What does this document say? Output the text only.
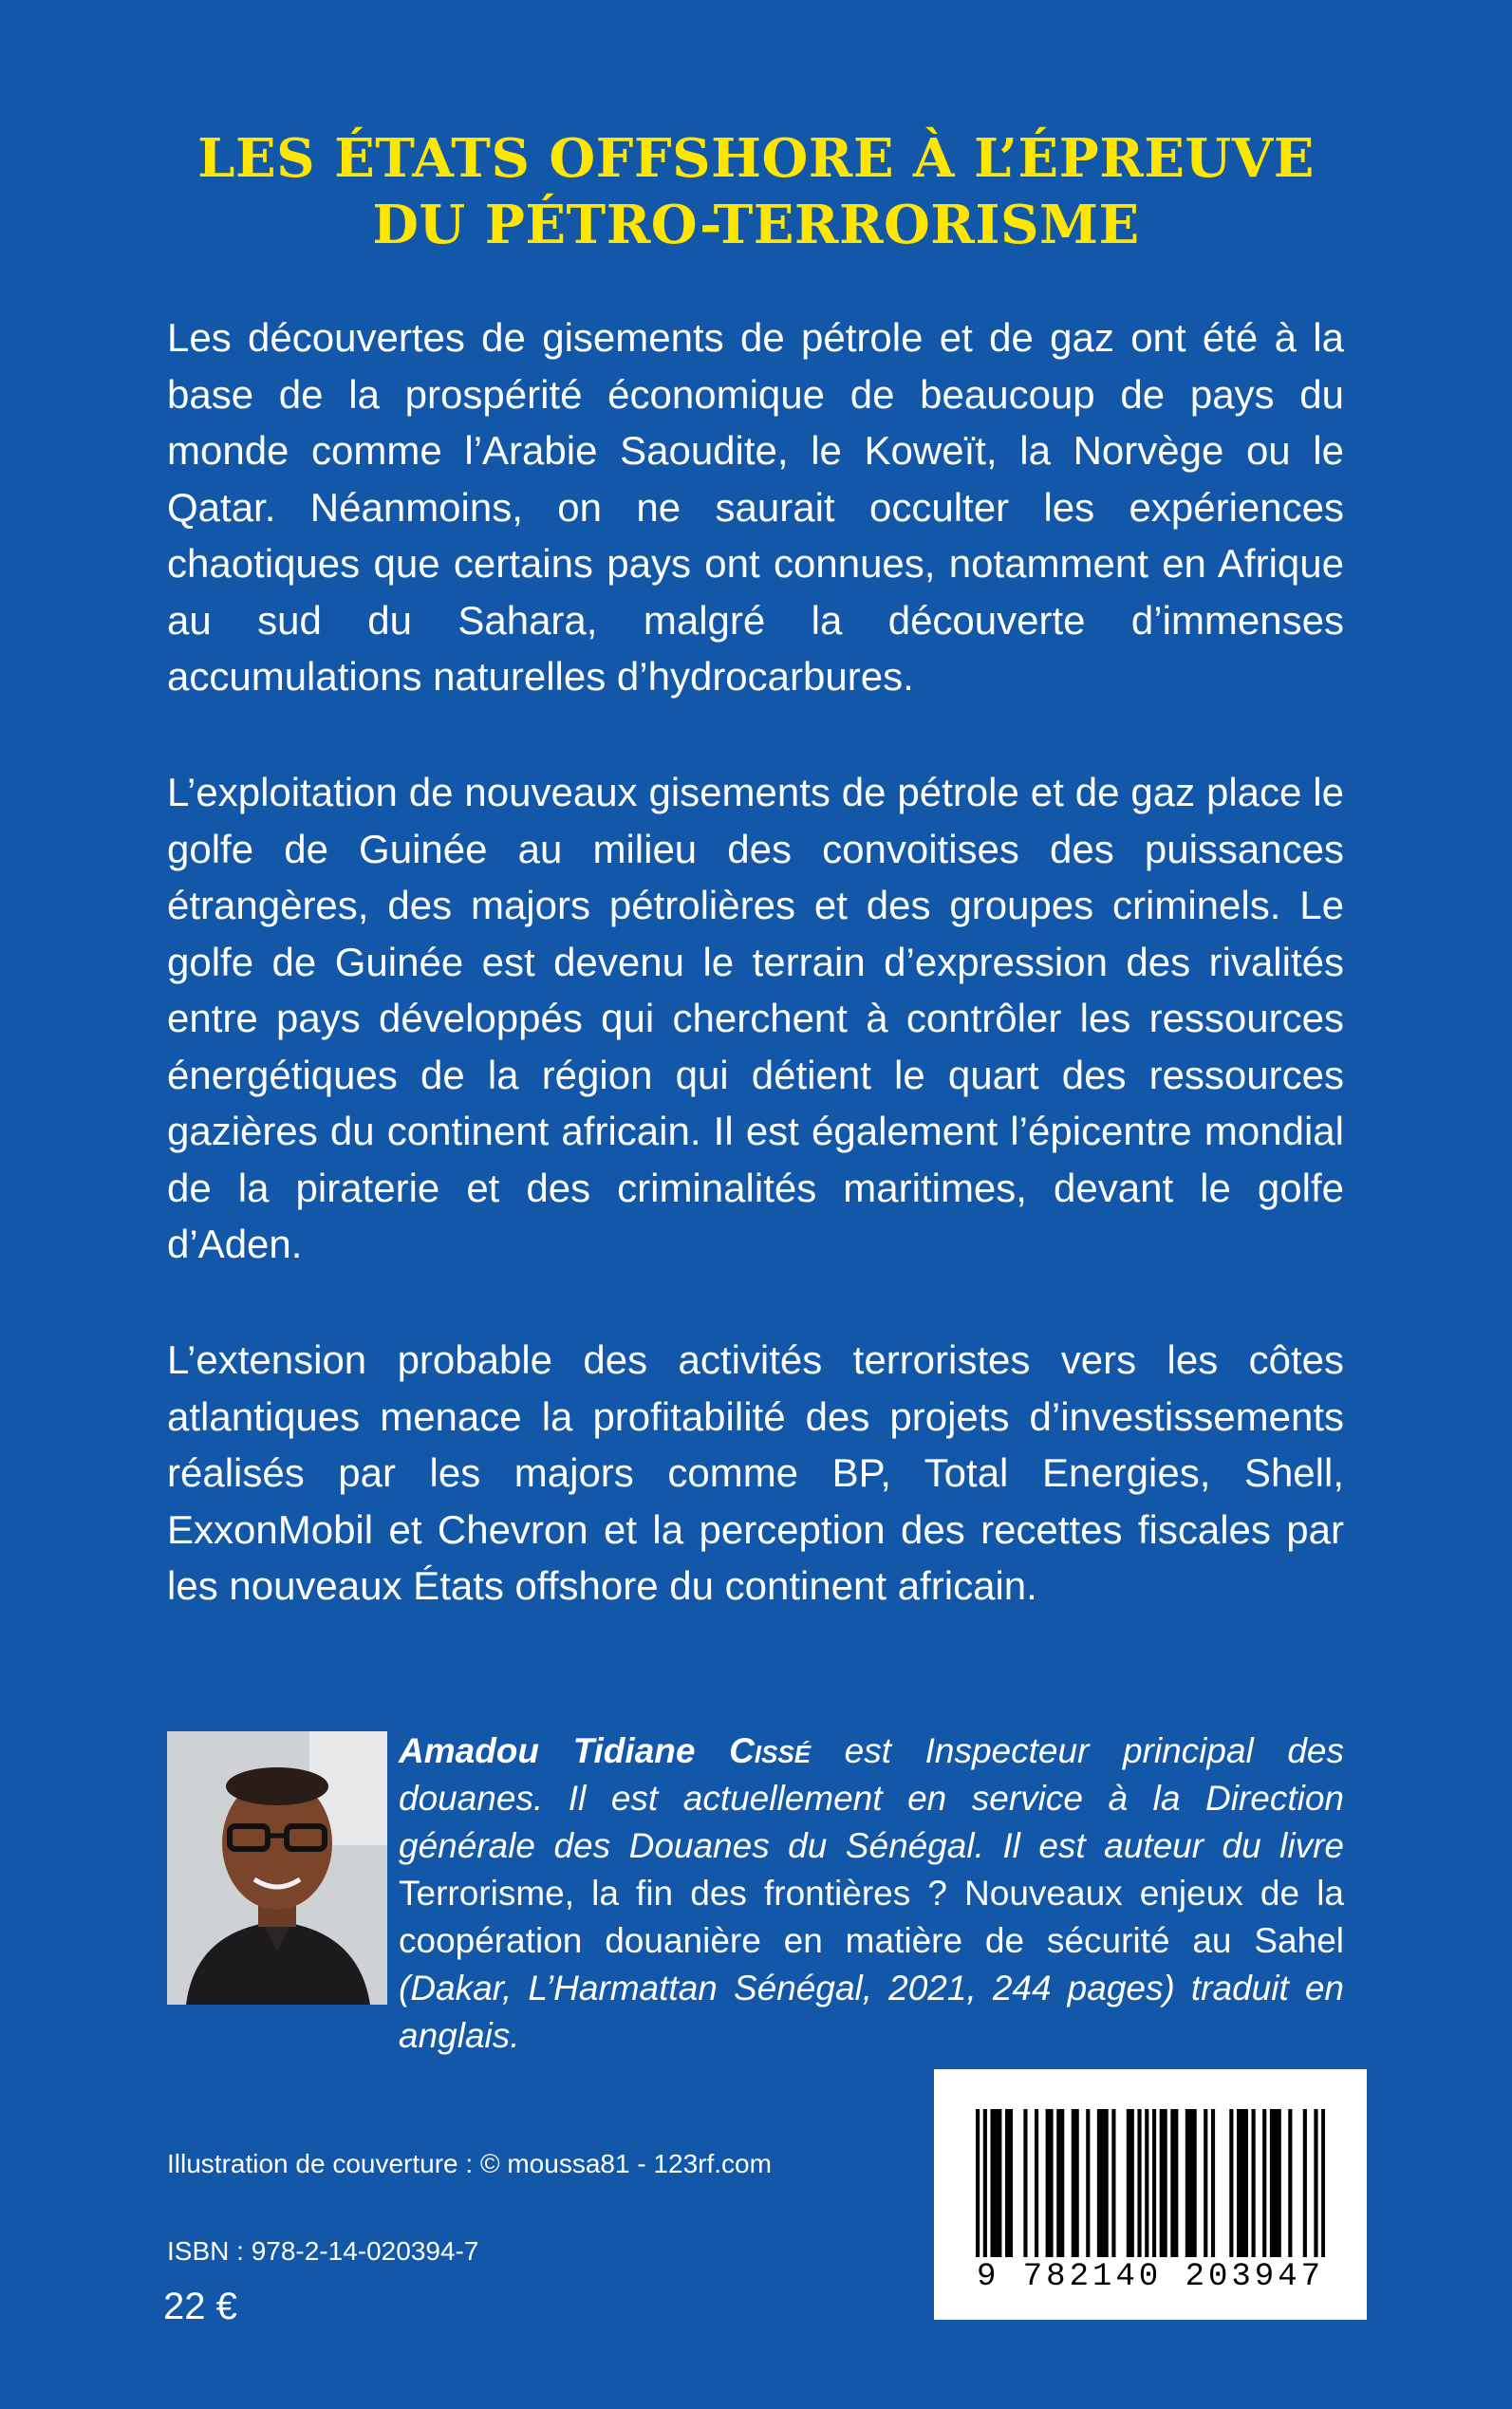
LES ÉTATS OFFSHORE À L’ÉPREUVE
DU PÉTRO-TERRORISME

Les découvertes de gisements de pétrole et de gaz ont été à la base de la prospérité économique de beaucoup de pays du monde comme l’Arabie Saoudite, le Koweït, la Norvège ou le Qatar. Néanmoins, on ne saurait occulter les expériences chaotiques que certains pays ont connues, notamment en Afrique au sud du Sahara, malgré la découverte d’immenses accumulations naturelles d’hydrocarbures.

L’exploitation de nouveaux gisements de pétrole et de gaz place le golfe de Guinée au milieu des convoitises des puissances étrangères, des majors pétrolières et des groupes criminels. Le golfe de Guinée est devenu le terrain d’expression des rivalités entre pays développés qui cherchent à contrôler les ressources énergétiques de la région qui détient le quart des ressources gazières du continent africain. Il est également l’épicentre mondial de la piraterie et des criminalités maritimes, devant le golfe d’Aden.

L’extension probable des activités terroristes vers les côtes atlantiques menace la profitabilité des projets d’investissements réalisés par les majors comme BP, Total Energies, Shell, ExxonMobil et Chevron et la perception des recettes fiscales par les nouveaux États offshore du continent africain.

Amadou Tidiane Cissé est Inspecteur principal des douanes. Il est actuellement en service à la Direction générale des Douanes du Sénégal. Il est auteur du livre Terrorisme, la fin des frontières ? Nouveaux enjeux de la coopération douanière en matière de sécurité au Sahel (Dakar, L’Harmattan Sénégal, 2021, 244 pages) traduit en anglais.

Illustration de couverture : © moussa81 - 123rf.com
ISBN : 978-2-14-020394-7
22 €
9 782140 203947
